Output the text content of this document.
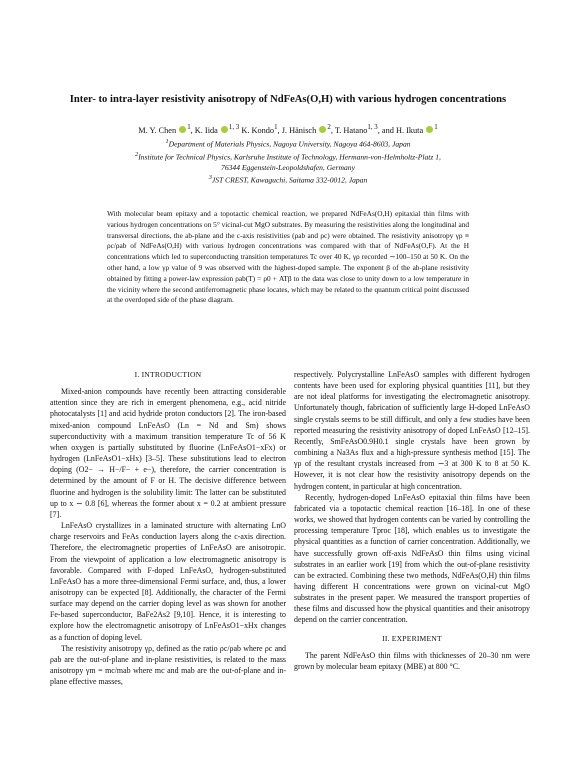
Inter- to intra-layer resistivity anisotropy of NdFeAs(O,H) with various hydrogen concentrations
M. Y. Chen $^1$, K. Iida $^{1, 3}$ K. Kondo$^1$, J. Hänisch $^2$, T. Hatano$^{1, 3}$, and H. Ikuta $^1$

$^1$Department of Materials Physics, Nagoya University, Nagoya 464-8603, Japan

$^2$Institute for Technical Physics, Karlsruhe Institute of Technology, Hermann-von-Helmholtz-Platz 1,

76344 Eggenstein-Leopoldshafen, Germany

$^3$JST CREST, Kawaguchi, Saitama 332-0012, Japan

With molecular beam epitaxy and a topotactic chemical reaction, we prepared NdFeAs(O,H) epitaxial thin films with various hydrogen concentrations on 5° vicinal-cut MgO substrates. By measuring the resistivities along the longitudinal and transversal directions, the ab-plane and the c-axis resistivities (ρab and ρc) were obtained. The resistivity anisotropy γρ ≡ ρc/ρab of NdFeAs(O,H) with various hydrogen concentrations was compared with that of NdFeAs(O,F). At the H concentrations which led to superconducting transition temperatures Tc over 40 K, γρ recorded ∼100–150 at 50 K. On the other hand, a low γρ value of 9 was observed with the highest-doped sample. The exponent β of the ab-plane resistivity obtained by fitting a power-law expression ρab(T) = ρ0 + ATβ to the data was close to unity down to a low temperature in the vicinity where the second antiferromagnetic phase locates, which may be related to the quantum critical point discussed at the overdoped side of the phase diagram.

I. INTRODUCTION

Mixed-anion compounds have recently been attracting considerable attention since they are rich in emergent phenomena, e.g., acid nitride photocatalysts [1] and acid hydride proton conductors [2]. The iron-based mixed-anion compound LnFeAsO (Ln = Nd and Sm) shows superconductivity with a maximum transition temperature Tc of 56 K when oxygen is partially substituted by fluorine (LnFeAsO1−xFx) or hydrogen (LnFeAsO1−xHx) [3–5]. These substitutions lead to electron doping (O2− → H−/F− + e−), therefore, the carrier concentration is determined by the amount of F or H. The decisive difference between fluorine and hydrogen is the solubility limit: The latter can be substituted up to x ∼ 0.8 [6], whereas the former about x = 0.2 at ambient pressure [7].

LnFeAsO crystallizes in a laminated structure with alternating LnO charge reservoirs and FeAs conduction layers along the c-axis direction. Therefore, the electromagnetic properties of LnFeAsO are anisotropic. From the viewpoint of application a low electromagnetic anisotropy is favorable. Compared with F-doped LnFeAsO, hydrogen-substituted LnFeAsO has a more three-dimensional Fermi surface, and, thus, a lower anisotropy can be expected [8]. Additionally, the character of the Fermi surface may depend on the carrier doping level as was shown for another Fe-based superconductor, BaFe2As2 [9,10]. Hence, it is interesting to explore how the electromagnetic anisotropy of LnFeAsO1−xHx changes as a function of doping level.

The resistivity anisotropy γρ, defined as the ratio ρc/ρab where ρc and ρab are the out-of-plane and in-plane resistivities, is related to the mass anisotropy γm = mc/mab where mc and mab are the out-of-plane and in-plane effective masses,

respectively. Polycrystalline LnFeAsO samples with different hydrogen contents have been used for exploring physical quantities [11], but they are not ideal platforms for investigating the electromagnetic anisotropy. Unfortunately though, fabrication of sufficiently large H-doped LnFeAsO single crystals seems to be still difficult, and only a few studies have been reported measuring the resistivity anisotropy of doped LnFeAsO [12–15]. Recently, SmFeAsO0.9H0.1 single crystals have been grown by combining a Na3As flux and a high-pressure synthesis method [15]. The γρ of the resultant crystals increased from ∼3 at 300 K to 8 at 50 K. However, it is not clear how the resistivity anisotropy depends on the hydrogen content, in particular at high concentration.

Recently, hydrogen-doped LnFeAsO epitaxial thin films have been fabricated via a topotactic chemical reaction [16–18]. In one of these works, we showed that hydrogen contents can be varied by controlling the processing temperature Tproc [18], which enables us to investigate the physical quantities as a function of carrier concentration. Additionally, we have successfully grown off-axis NdFeAsO thin films using vicinal substrates in an earlier work [19] from which the out-of-plane resistivity can be extracted. Combining these two methods, NdFeAs(O,H) thin films having different H concentrations were grown on vicinal-cut MgO substrates in the present paper. We measured the transport properties of these films and discussed how the physical quantities and their anisotropy depend on the carrier concentration.

II. EXPERIMENT

The parent NdFeAsO thin films with thicknesses of 20–30 nm were grown by molecular beam epitaxy (MBE) at 800 °C.
